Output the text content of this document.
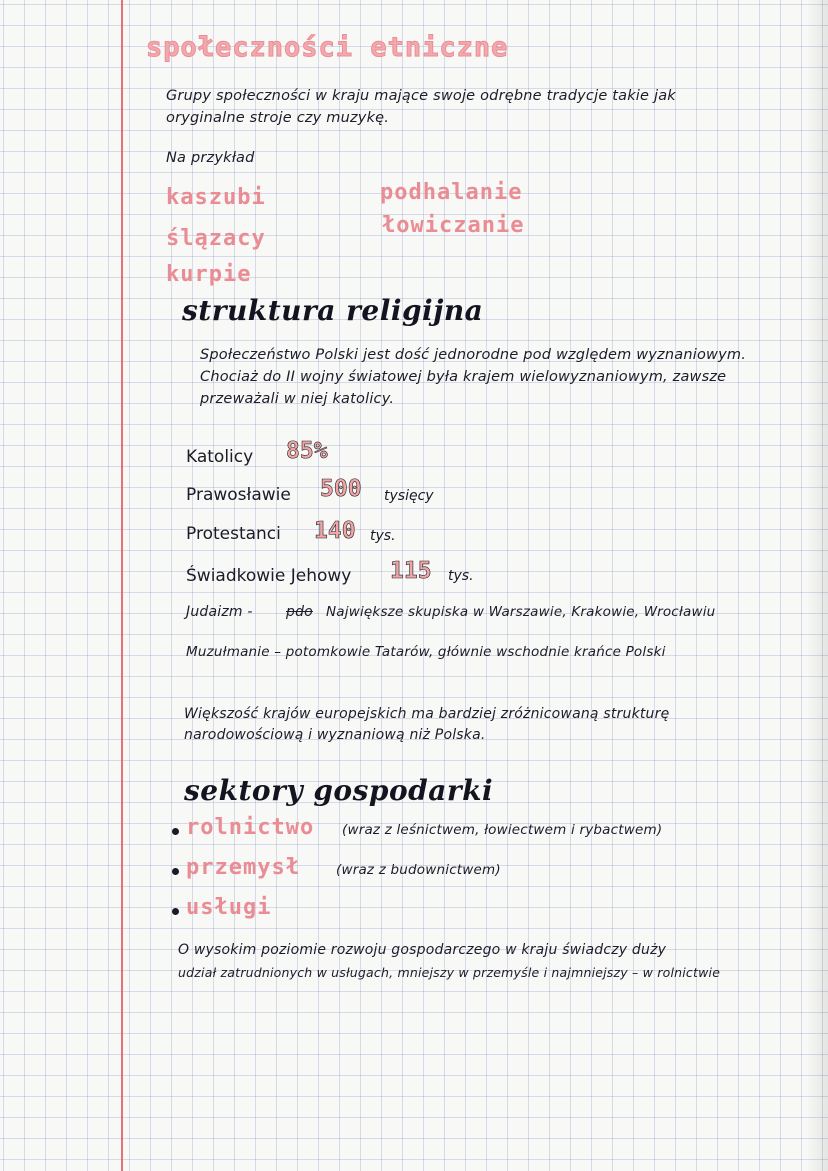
społeczności etniczne
Grupy społeczności w kraju mające swoje odrębne tradycje takie jak
oryginalne stroje czy muzykę.
Na przykład
kaszubi
ślązacy
kurpie
podhalanie
łowiczanie
struktura religijna
Społeczeństwo Polski jest dość jednorodne pod względem wyznaniowym.
Chociaż do II wojny światowej była krajem wielowyznaniowym, zawsze
przeważali w niej katolicy.
Katolicy 85%
Prawosławie 500 tysięcy
Protestanci 140 tys.
Świadkowie Jehowy 115 tys.
Judaizm - pdo Największe skupiska w Warszawie, Krakowie, Wrocławiu
Muzułmanie – potomkowie Tatarów, głównie wschodnie krańce Polski
Większość krajów europejskich ma bardziej zróżnicowaną strukturę
narodowościową i wyznaniową niż Polska.
sektory gospodarki
rolnictwo (wraz z leśnictwem, łowiectwem i rybactwem)
przemysł	(wraz z budownictwem)
usługi
O wysokim poziomie rozwoju gospodarczego w kraju świadczy duży
udział zatrudnionych w usługach, mniejszy w przemyśle i najmniejszy – w rolnictwie
